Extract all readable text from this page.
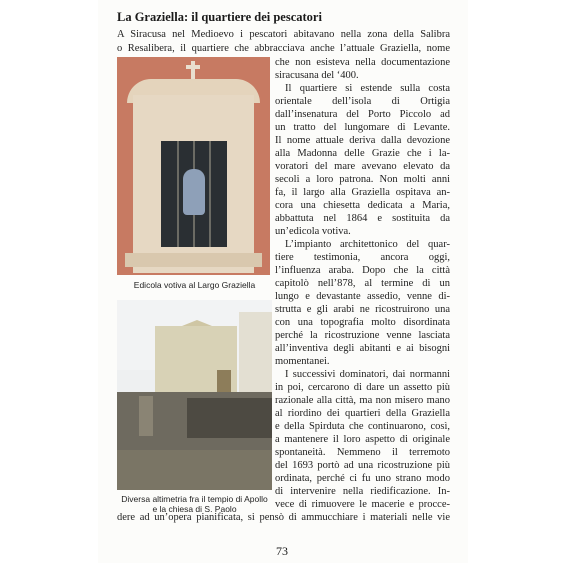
La Graziella: il quartiere dei pescatori
A Siracusa nel Medioevo i pescatori abitavano nella zona della Salibra
o Resalibera, il quartiere che abbracciava anche l’attuale Graziella, nome
Edicola votiva al Largo Graziella
Diversa altimetria fra il tempio di Apollo
e la chiesa di S. Paolo
che non esisteva nella documentazione
siracusana del ‘400.
Il quartiere si estende sulla costa
orientale dell’isola di Ortigia
dall’insenatura del Porto Piccolo ad
un tratto del lungomare di Levante.
Il nome attuale deriva dalla devozione
alla Madonna delle Grazie che i la-
voratori del mare avevano elevato da
secoli a loro patrona. Non molti anni
fa, il largo alla Graziella ospitava an-
cora una chiesetta dedicata a Maria,
abbattuta nel 1864 e sostituita da
un’edicola votiva.
L’impianto architettonico del quar-
tiere testimonia, ancora oggi,
l’influenza araba. Dopo che la città
capitolò nell’878, al termine di un
lungo e devastante assedio, venne di-
strutta e gli arabi ne ricostruirono una
con una topografia molto disordinata
perché la ricostruzione venne lasciata
all’inventiva degli abitanti e ai bisogni
momentanei.
I successivi dominatori, dai normanni
in poi, cercarono di dare un assetto più
razionale alla città, ma non misero mano
al riordino dei quartieri della Graziella
e della Spirduta che continuarono, così,
a mantenere il loro aspetto di originale
spontaneità. Nemmeno il terremoto
del 1693 portò ad una ricostruzione più
ordinata, perché ci fu uno strano modo
di intervenire nella riedificazione. In-
vece di rimuovere le macerie e procce-
dere ad un’opera pianificata, si pensò di ammucchiare i materiali nelle vie
73
